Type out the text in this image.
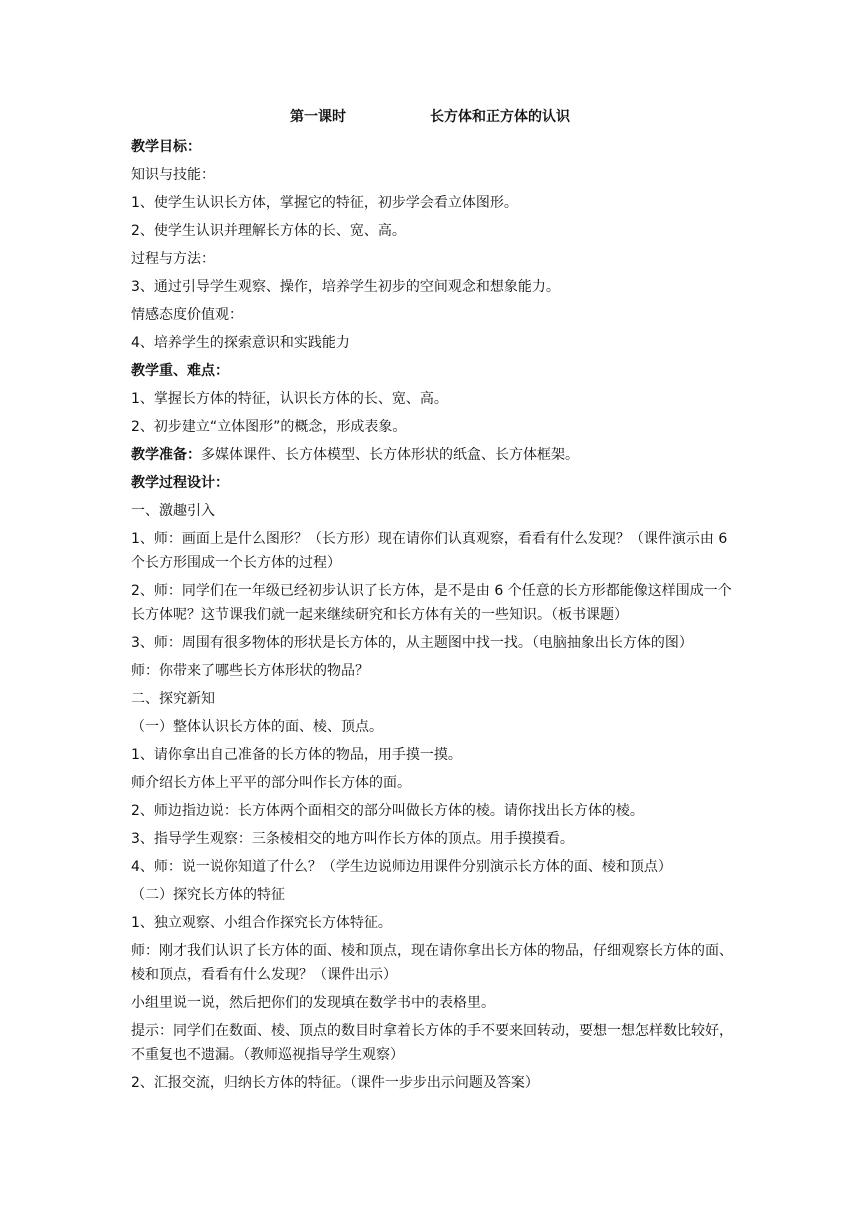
第一课时	长方体和正方体的认识
教学目标：
知识与技能：
1、使学生认识长方体，掌握它的特征，初步学会看立体图形。
2、使学生认识并理解长方体的长、宽、高。
过程与方法：
3、通过引导学生观察、操作，培养学生初步的空间观念和想象能力。
情感态度价值观：
4、培养学生的探索意识和实践能力
教学重、难点：
1、掌握长方体的特征，认识长方体的长、宽、高。
2、初步建立“立体图形”的概念，形成表象。
教学准备：多媒体课件、长方体模型、长方体形状的纸盒、长方体框架。
教学过程设计：
一、激趣引入
1、师：画面上是什么图形？（长方形）现在请你们认真观察，看看有什么发现？（课件演示由 6 个长方形围成一个长方体的过程）
2、师：同学们在一年级已经初步认识了长方体，是不是由 6 个任意的长方形都能像这样围成一个长方体呢？这节课我们就一起来继续研究和长方体有关的一些知识。（板书课题）
3、师：周围有很多物体的形状是长方体的，从主题图中找一找。（电脑抽象出长方体的图）
师：你带来了哪些长方体形状的物品？
二、探究新知
（一）整体认识长方体的面、棱、顶点。
1、请你拿出自己准备的长方体的物品，用手摸一摸。
师介绍长方体上平平的部分叫作长方体的面。
2、师边指边说：长方体两个面相交的部分叫做长方体的棱。请你找出长方体的棱。
3、指导学生观察：三条棱相交的地方叫作长方体的顶点。用手摸摸看。
4、师：说一说你知道了什么？（学生边说师边用课件分别演示长方体的面、棱和顶点）
（二）探究长方体的特征
1、独立观察、小组合作探究长方体特征。
师：刚才我们认识了长方体的面、棱和顶点，现在请你拿出长方体的物品，仔细观察长方体的面、棱和顶点，看看有什么发现？（课件出示）
小组里说一说，然后把你们的发现填在数学书中的表格里。
提示：同学们在数面、棱、顶点的数目时拿着长方体的手不要来回转动，要想一想怎样数比较好，不重复也不遗漏。（教师巡视指导学生观察）
2、汇报交流，归纳长方体的特征。（课件一步步出示问题及答案）
